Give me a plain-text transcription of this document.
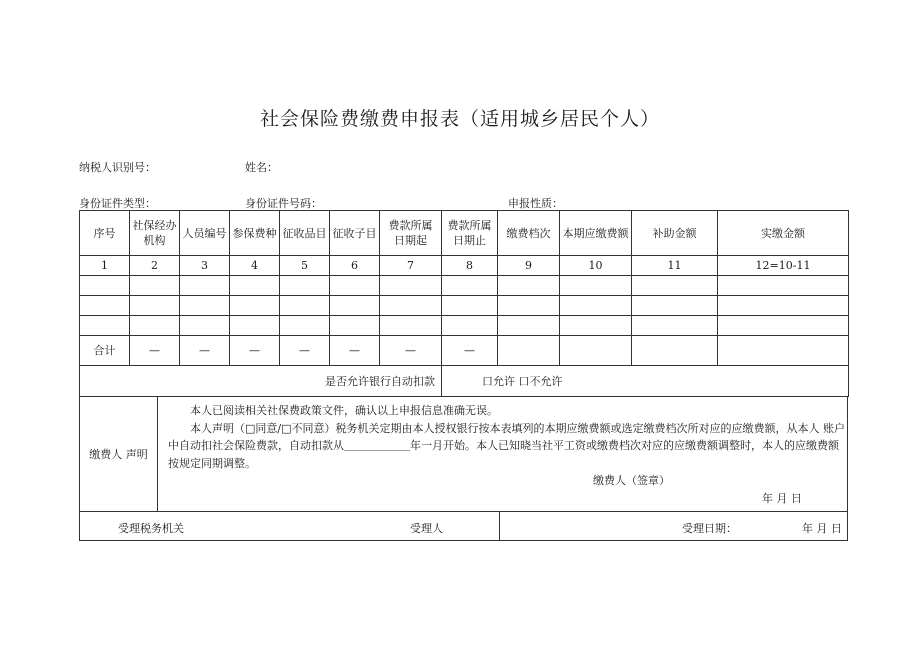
社会保险费缴费申报表（适用城乡居民个人）
纳税人识别号：	姓名：
身份证件类型：	身份证件号码：	申报性质：
序号	社保经办机构	人员编号	参保费种	征收品目	征收子目	费款所属 日期起	费款所属日期止	缴费档次	本期应缴费额	补助金额	实缴金额
1	2	3	4	5	6	7	8	9	10	11	12=10-11

合计	—	—	—	—	—	—	—				
是否允许银行自动扣款							口允许 口不允许				
缴费人 声明
本人已阅读相关社保费政策文件，确认以上申报信息准确无误。
本人声明（□同意/□不同意）税务机关定期由本人授权银行按本表填列的本期应缴费额或选定缴费档次所对应的应缴费额，从本人 账户中自动扣社会保险费款，自动扣款从＿＿＿＿＿＿年一月开始。本人已知晓当社平工资或缴费档次对应的应缴费额调整时，本人的应缴费额按规定同期调整。
缴费人（签章）
年 月 日
受理税务机关	受理人	受理日期：	年 月 日
